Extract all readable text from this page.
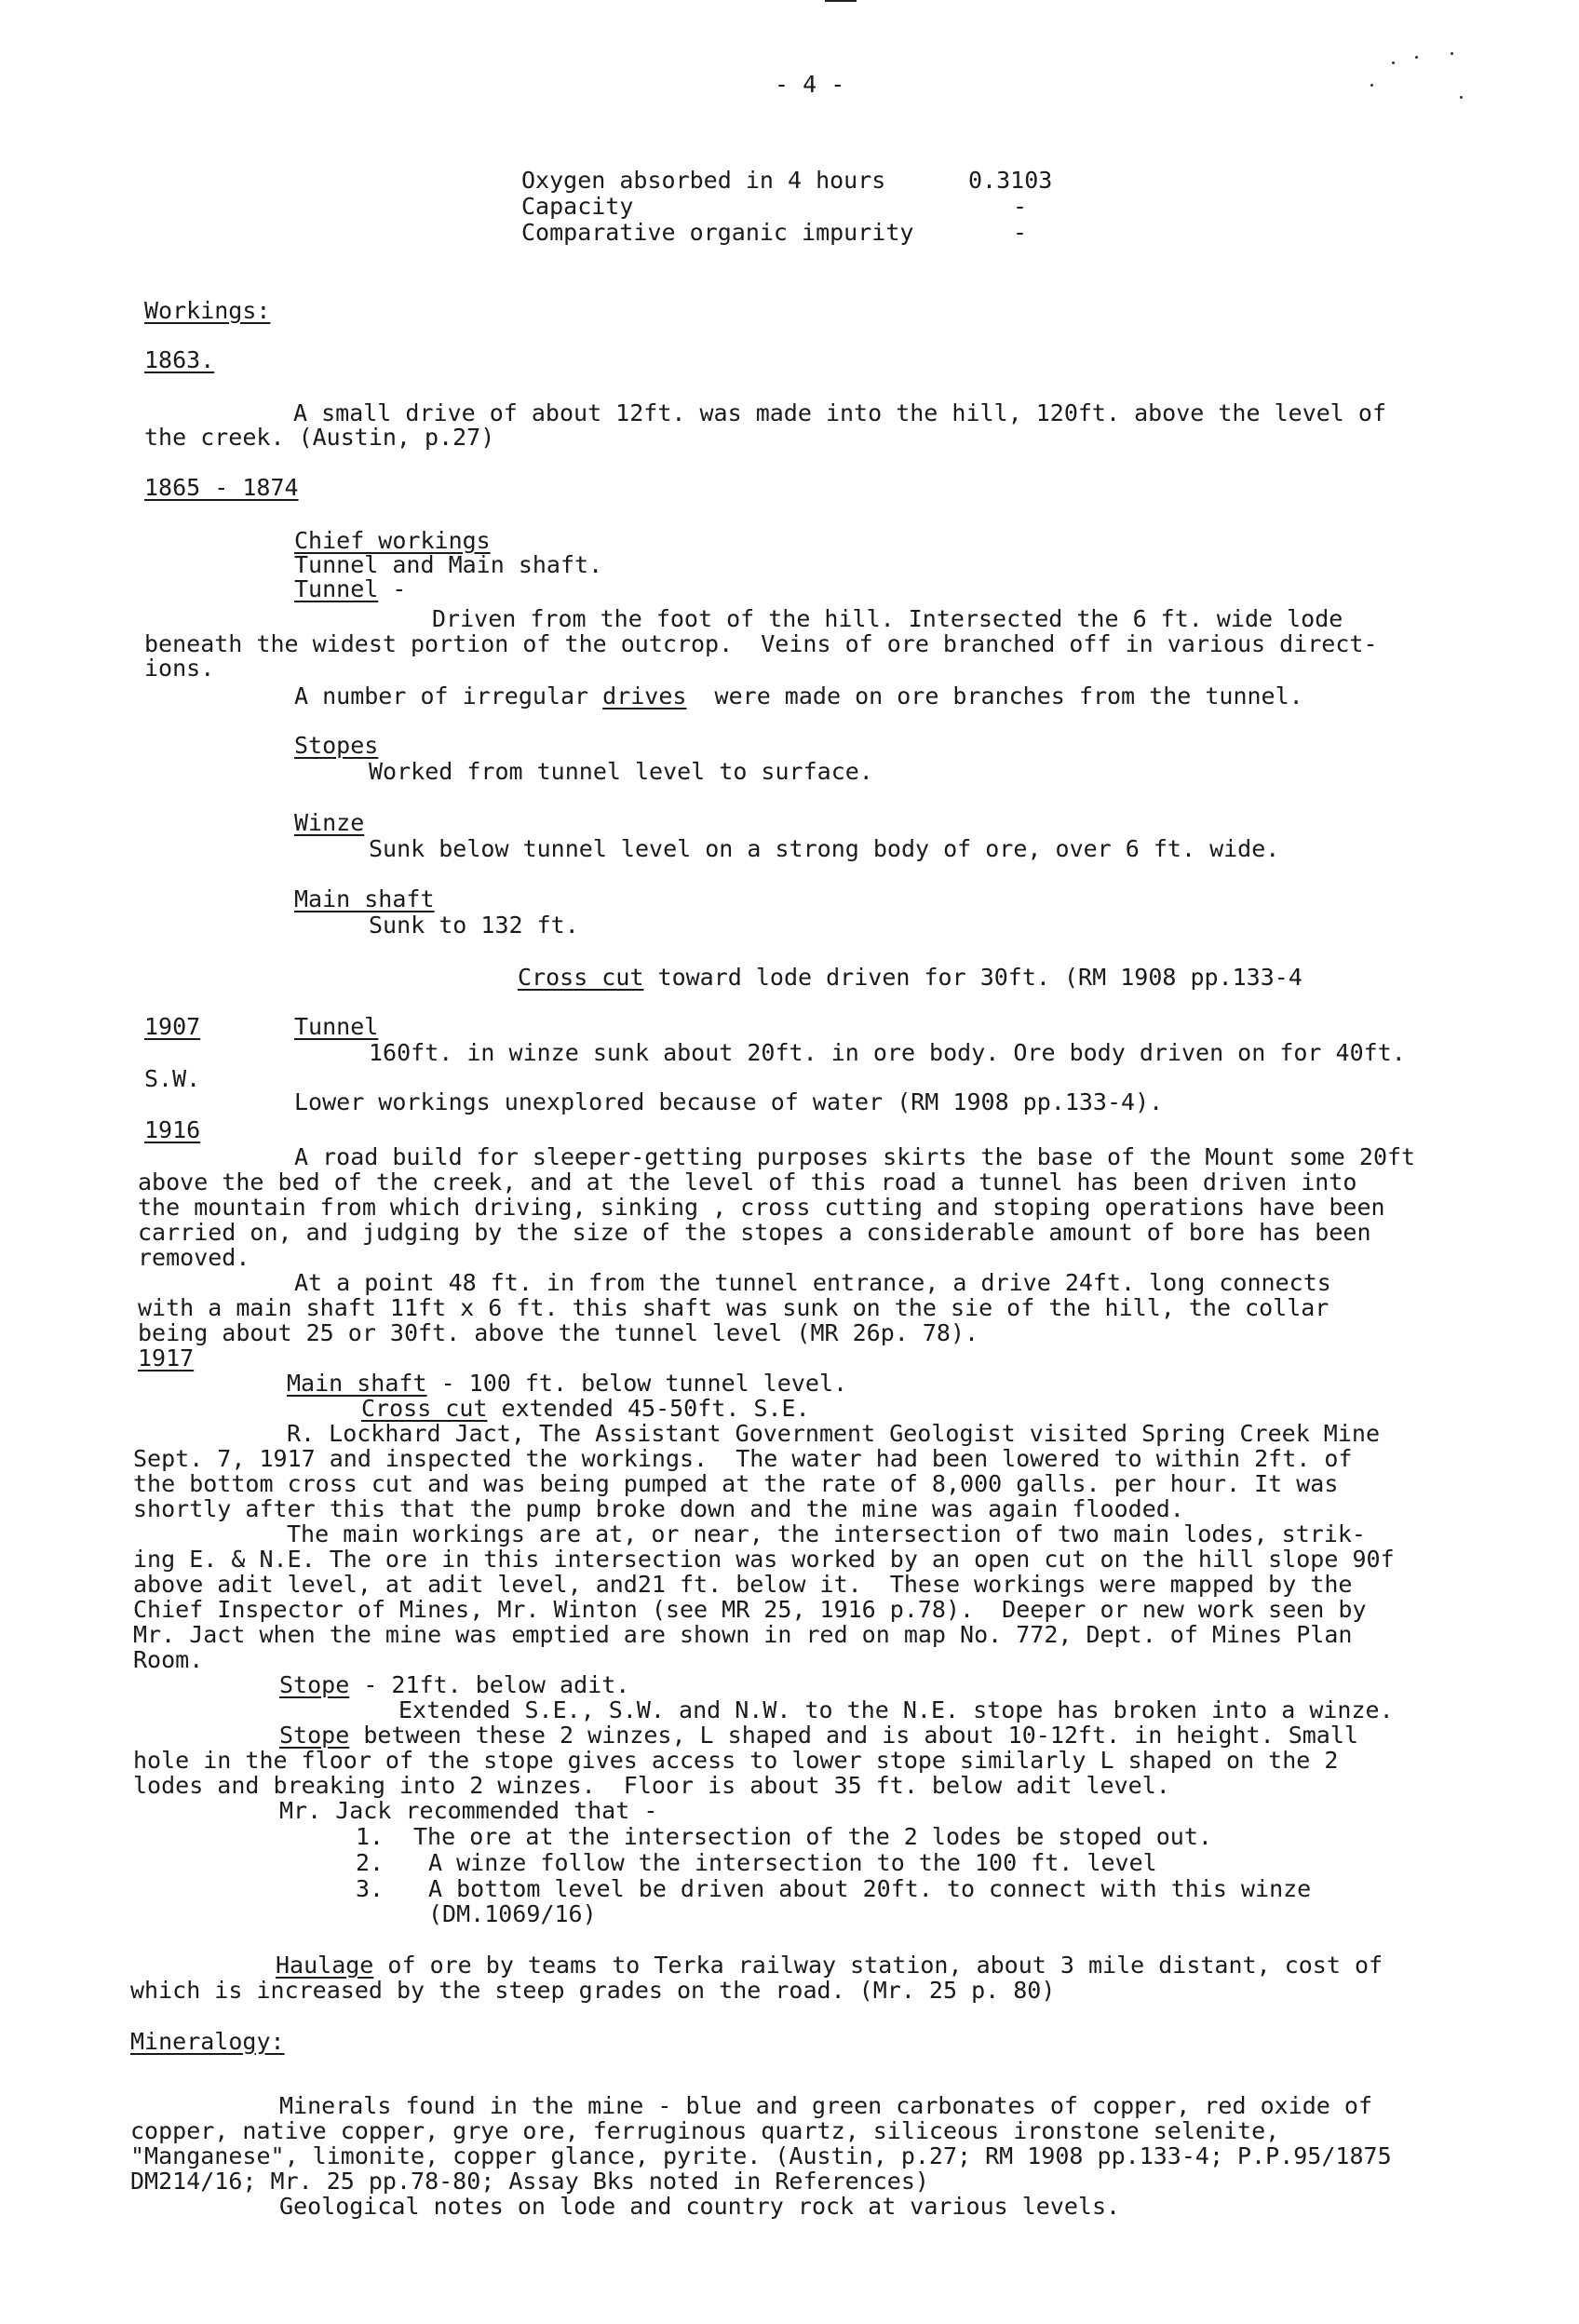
- 4 -
Oxygen absorbed in 4 hours	0.3103
Capacity	-
Comparative organic impurity	-
Workings:
1863.
A small drive of about 12ft. was made into the hill, 120ft. above the level of
the creek. (Austin, p.27)
1865 - 1874
Chief workings
Tunnel and Main shaft.
Tunnel -
Driven from the foot of the hill. Intersected the 6 ft. wide lode
beneath the widest portion of the outcrop.  Veins of ore branched off in various direct-
ions.
A number of irregular drives  were made on ore branches from the tunnel.
Stopes
Worked from tunnel level to surface.
Winze
Sunk below tunnel level on a strong body of ore, over 6 ft. wide.
Main shaft
Sunk to 132 ft.
Cross cut toward lode driven for 30ft. (RM 1908 pp.133-4
1907	Tunnel
160ft. in winze sunk about 20ft. in ore body. Ore body driven on for 40ft.
S.W.
Lower workings unexplored because of water (RM 1908 pp.133-4).
1916
A road build for sleeper-getting purposes skirts the base of the Mount some 20ft
above the bed of the creek, and at the level of this road a tunnel has been driven into
the mountain from which driving, sinking , cross cutting and stoping operations have been
carried on, and judging by the size of the stopes a considerable amount of bore has been
removed.
At a point 48 ft. in from the tunnel entrance, a drive 24ft. long connects
with a main shaft 11ft x 6 ft. this shaft was sunk on the sie of the hill, the collar
being about 25 or 30ft. above the tunnel level (MR 26p. 78).
1917
Main shaft - 100 ft. below tunnel level.
Cross cut extended 45-50ft. S.E.
R. Lockhard Jact, The Assistant Government Geologist visited Spring Creek Mine
Sept. 7, 1917 and inspected the workings.  The water had been lowered to within 2ft. of
the bottom cross cut and was being pumped at the rate of 8,000 galls. per hour. It was
shortly after this that the pump broke down and the mine was again flooded.
The main workings are at, or near, the intersection of two main lodes, strik-
ing E. & N.E. The ore in this intersection was worked by an open cut on the hill slope 90f
above adit level, at adit level, and21 ft. below it.  These workings were mapped by the
Chief Inspector of Mines, Mr. Winton (see MR 25, 1916 p.78).  Deeper or new work seen by
Mr. Jact when the mine was emptied are shown in red on map No. 772, Dept. of Mines Plan
Room.
Stope - 21ft. below adit.
Extended S.E., S.W. and N.W. to the N.E. stope has broken into a winze.
Stope between these 2 winzes, L shaped and is about 10-12ft. in height. Small
hole in the floor of the stope gives access to lower stope similarly L shaped on the 2
lodes and breaking into 2 winzes.  Floor is about 35 ft. below adit level.
Mr. Jack recommended that -
1. The ore at the intersection of the 2 lodes be stoped out.
2. A winze follow the intersection to the 100 ft. level
3. A bottom level be driven about 20ft. to connect with this winze
(DM.1069/16)
Haulage of ore by teams to Terka railway station, about 3 mile distant, cost of
which is increased by the steep grades on the road. (Mr. 25 p. 80)
Mineralogy:
Minerals found in the mine - blue and green carbonates of copper, red oxide of
copper, native copper, grye ore, ferruginous quartz, siliceous ironstone selenite,
"Manganese", limonite, copper glance, pyrite. (Austin, p.27; RM 1908 pp.133-4; P.P.95/1875
DM214/16; Mr. 25 pp.78-80; Assay Bks noted in References)
Geological notes on lode and country rock at various levels.
